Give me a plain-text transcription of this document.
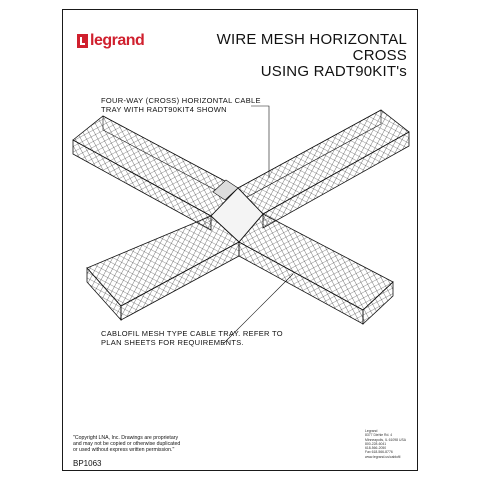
legrand	WIRE MESH HORIZONTAL CROSS
USING RADT90KIT's
FOUR-WAY (CROSS) HORIZONTAL CABLE
TRAY WITH RADT90KIT4 SHOWN
CABLOFIL MESH TYPE CABLE TRAY. REFER TO
PLAN SHEETS FOR REQUIREMENTS.
"Copyright LNA, Inc. Drawings are proprietary
and may not be copied or otherwise duplicated
or used without express written permission."
BP1063
Legrand
8377 Diehle Rd. 4
Minneapolis, IL 61098 USA
800-228-6041
618-566-2050
Fax 618-566-8776
www.legrand.us/cablofil
